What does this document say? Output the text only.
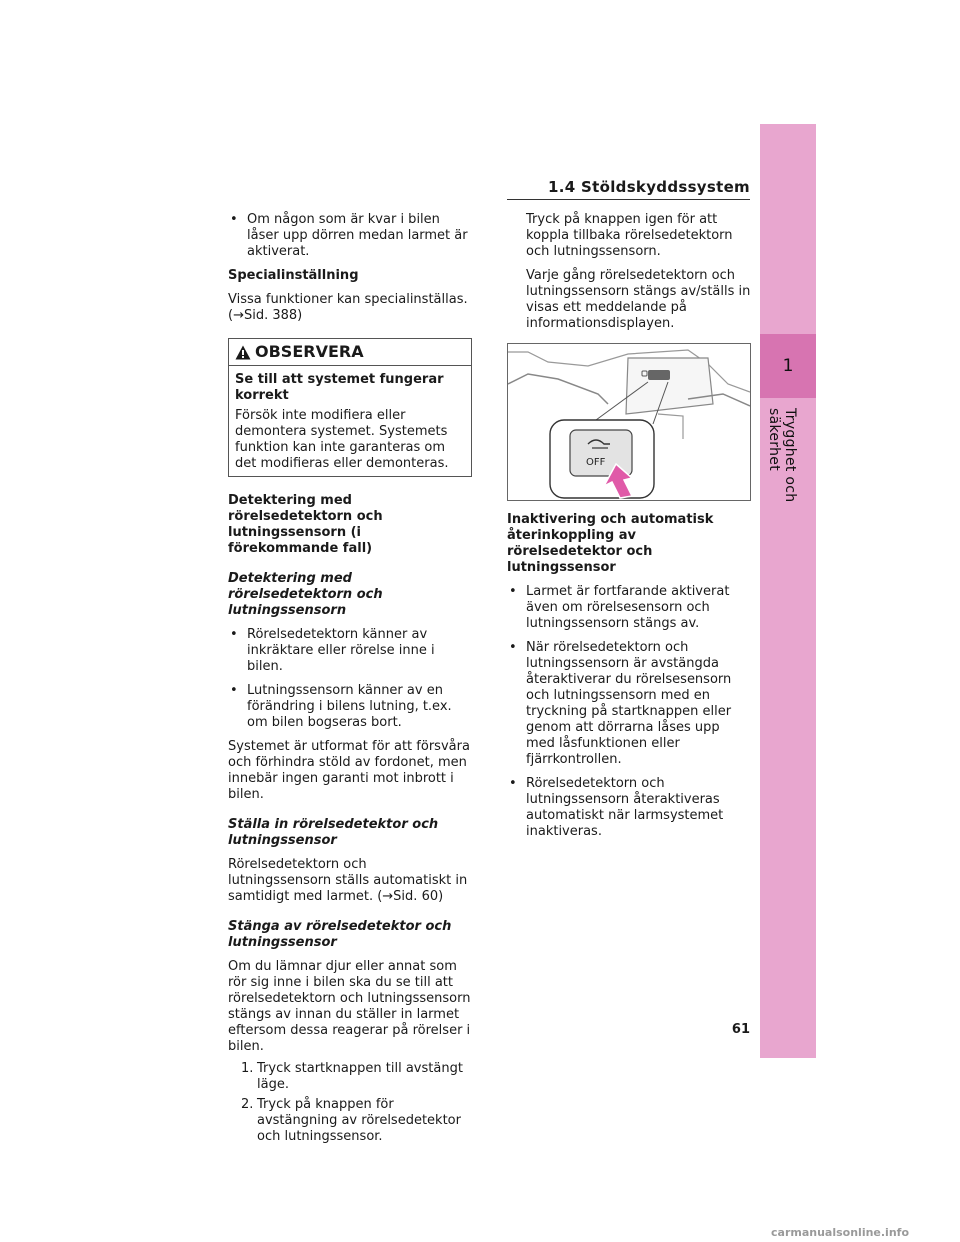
1.4 Stöldskyddssystem
1
Trygghet och säkerhet
• Om någon som är kvar i bilen låser upp dörren medan larmet är aktiverat.

Specialinställning

Vissa funktioner kan specialinställas. (→Sid. 388)

OBSERVERA

Se till att systemet fungerar korrekt

Försök inte modifiera eller demontera systemet. Systemets funktion kan inte garanteras om det modifieras eller demonteras.

Detektering med rörelsedetektorn och lutningssensorn (i förekommande fall)

Detektering med rörelsedetektorn och lutningssensorn

• Rörelsedetektorn känner av inkräktare eller rörelse inne i bilen.
• Lutningssensorn känner av en förändring i bilens lutning, t.ex. om bilen bogseras bort.

Systemet är utformat för att försvåra och förhindra stöld av fordonet, men innebär ingen garanti mot inbrott i bilen.

Ställa in rörelsedetektor och lutningssensor

Rörelsedetektorn och lutningssensorn ställs automatiskt in samtidigt med larmet. (→Sid. 60)

Stänga av rörelsedetektor och lutningssensor

Om du lämnar djur eller annat som rör sig inne i bilen ska du se till att rörelsedetektorn och lutningssensorn stängs av innan du ställer in larmet eftersom dessa reagerar på rörelser i bilen.

1. Tryck startknappen till avstängt läge.
2. Tryck på knappen för avstängning av rörelsedetektor och lutningssensor.

Tryck på knappen igen för att koppla tillbaka rörelsedetektorn och lutningssensorn.

Varje gång rörelsedetektorn och lutningssensorn stängs av/ställs in visas ett meddelande på informationsdisplayen.

OFF

Inaktivering och automatisk återinkoppling av rörelsedetektor och lutningssensor

• Larmet är fortfarande aktiverat även om rörelsesensorn och lutningssensorn stängs av.
• När rörelsedetektorn och lutningssensorn är avstängda återaktiverar du rörelsesensorn och lutningssensorn med en tryckning på startknappen eller genom att dörrarna låses upp med låsfunktionen eller fjärrkontrollen.
• Rörelsedetektorn och lutningssensorn återaktiveras automatiskt när larmsystemet inaktiveras.
61
carmanualsonline.info
